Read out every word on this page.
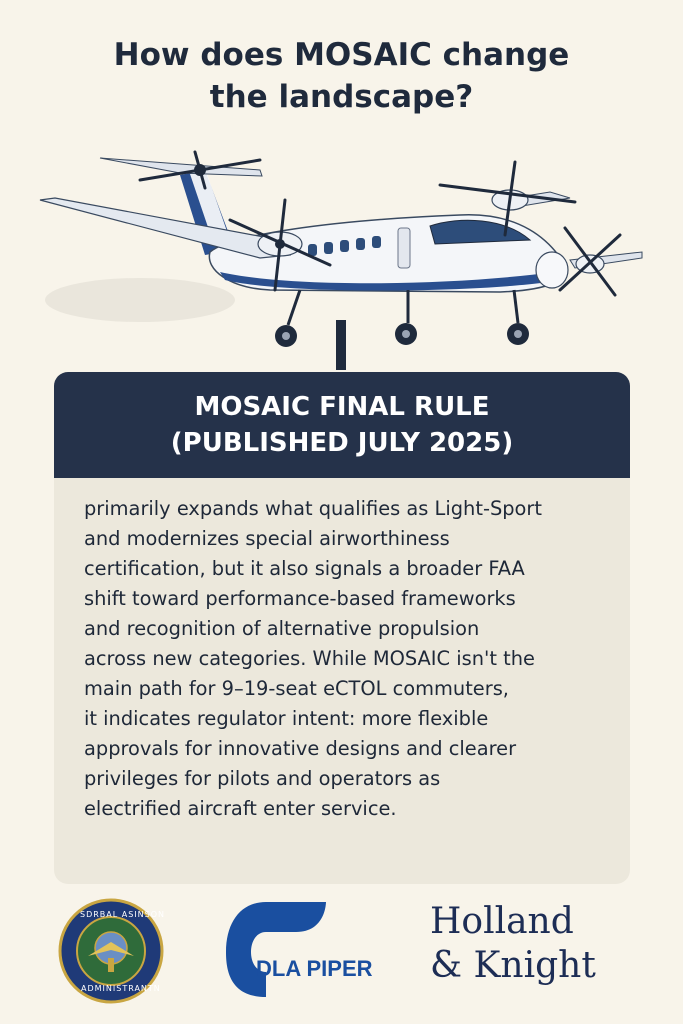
How does MOSAIC change
the landscape?
MOSAIC FINAL RULE
(PUBLISHED JULY 2025)
primarily expands what qualifies as Light-Sport
and modernizes special airworthiness
certification, but it also signals a broader FAA
shift toward performance-based frameworks
and recognition of alternative propulsion
across new categories. While MOSAIC isn't the
main path for 9–19-seat eCTOL commuters,
it indicates regulator intent: more flexible
approvals for innovative designs and clearer
privileges for pilots and operators as
electrified aircraft enter service.
SDRBAL ASINSON
ADMINISTRANTN
DLA PIPER
Holland
& Knight
